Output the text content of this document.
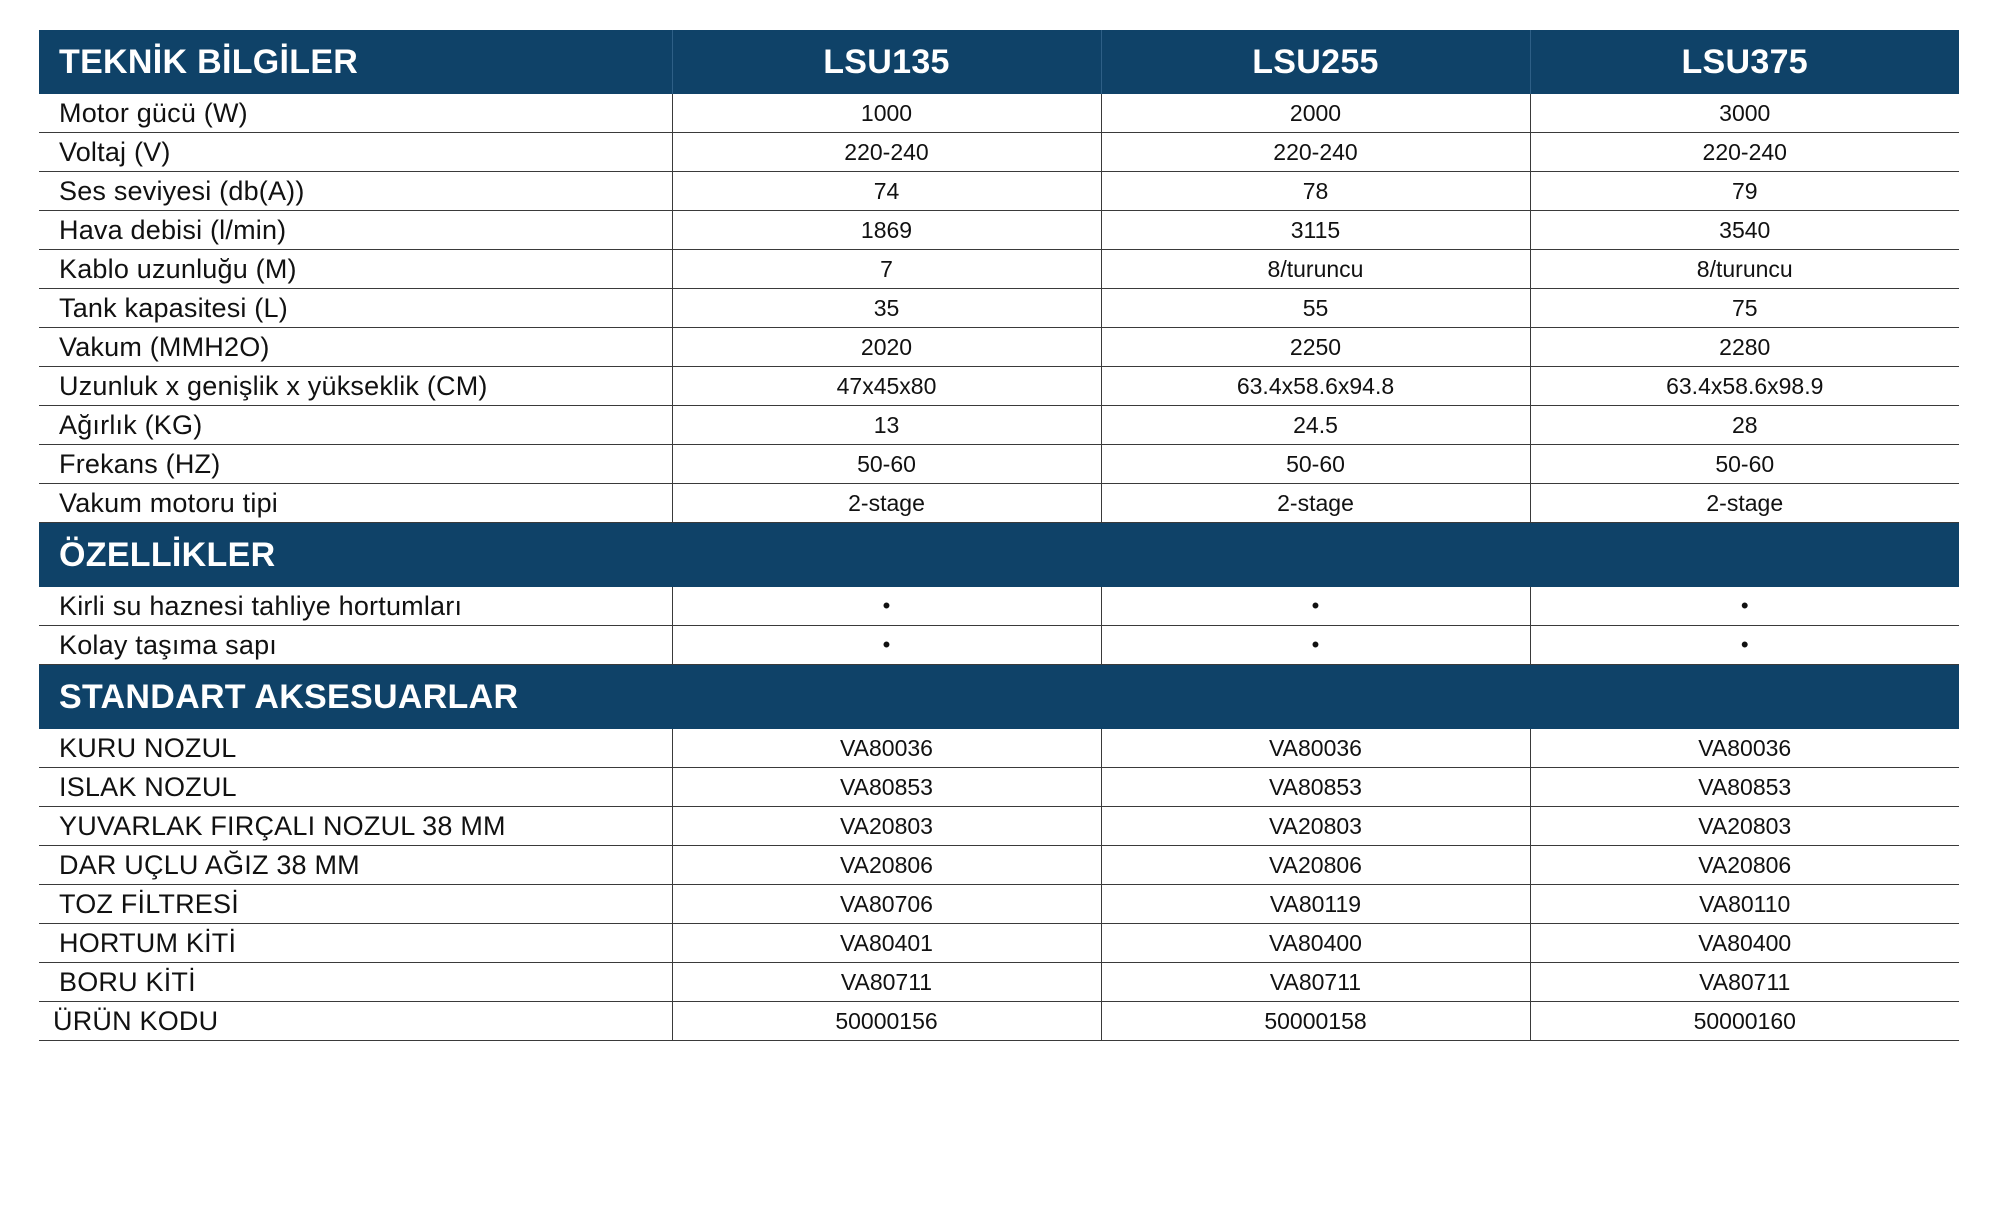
TEKNİK BİLGİLER	LSU135	LSU255	LSU375
Motor gücü (W)	1000	2000	3000
Voltaj (V)	220-240	220-240	220-240
Ses seviyesi (db(A))	74	78	79
Hava debisi (l/min)	1869	3115	3540
Kablo uzunluğu (M)	7	8/turuncu	8/turuncu
Tank kapasitesi (L)	35	55	75
Vakum (MMH2O)	2020	2250	2280
Uzunluk x genişlik x yükseklik (CM)	47x45x80	63.4x58.6x94.8	63.4x58.6x98.9
Ağırlık (KG)	13	24.5	28
Frekans (HZ)	50-60	50-60	50-60
Vakum motoru tipi	2-stage	2-stage	2-stage
ÖZELLİKLER			
Kirli su haznesi tahliye hortumları	•	•	•
Kolay taşıma sapı	•	•	•
STANDART AKSESUARLAR			
KURU NOZUL	VA80036	VA80036	VA80036
ISLAK NOZUL	VA80853	VA80853	VA80853
YUVARLAK FIRÇALI NOZUL 38 MM	VA20803	VA20803	VA20803
DAR UÇLU AĞIZ 38 MM	VA20806	VA20806	VA20806
TOZ FİLTRESİ	VA80706	VA80119	VA80110
HORTUM KİTİ	VA80401	VA80400	VA80400
BORU KİTİ	VA80711	VA80711	VA80711
ÜRÜN KODU	50000156	50000158	50000160
